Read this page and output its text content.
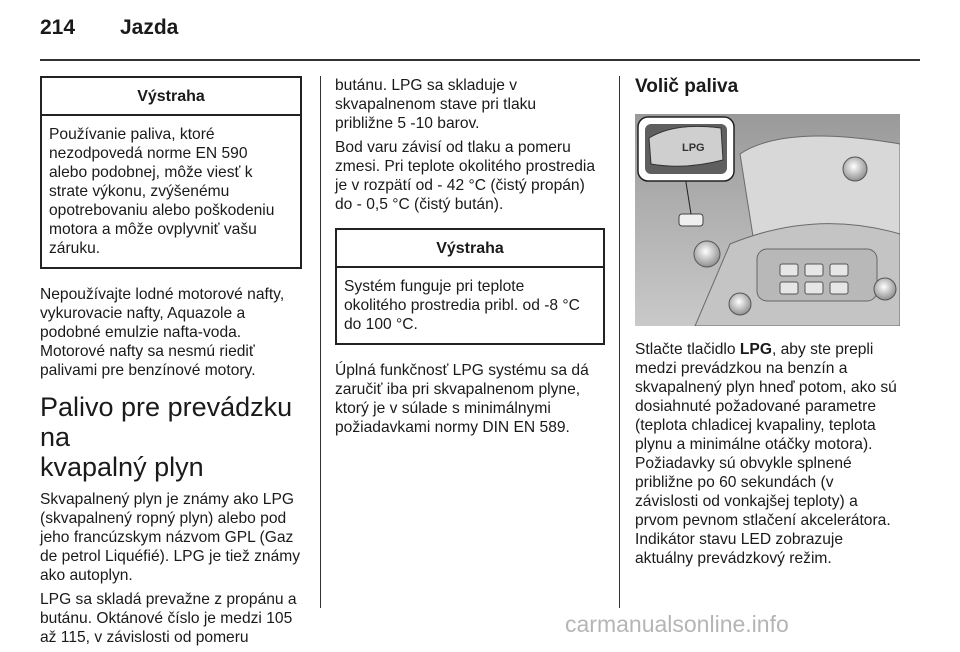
214 Jazda
Výstraha
Používanie paliva, ktoré
nezodpovedá norme EN 590
alebo podobnej, môže viesť k
strate výkonu, zvýšenému
opotrebovaniu alebo poškodeniu
motora a môže ovplyvniť vašu
záruku.
Nepoužívajte lodné motorové nafty,
vykurovacie nafty, Aquazole a
podobné emulzie nafta-voda.
Motorové nafty sa nesmú riediť
palivami pre benzínové motory.
Palivo pre prevádzku na
kvapalný plyn
Skvapalnený plyn je známy ako LPG
(skvapalnený ropný plyn) alebo pod
jeho francúzskym názvom GPL (Gaz
de petrol Liquéfié). LPG je tiež známy
ako autoplyn.
LPG sa skladá prevažne z propánu a
butánu. Oktánové číslo je medzi 105
až 115, v závislosti od pomeru
butánu. LPG sa skladuje v
skvapalnenom stave pri tlaku
približne 5 -10 barov.
Bod varu závisí od tlaku a pomeru
zmesi. Pri teplote okolitého prostredia
je v rozpätí od - 42 °C (čistý propán)
do - 0,5 °C (čistý bután).
Výstraha
Systém funguje pri teplote
okolitého prostredia pribl. od -8 °C
do 100 °C.
Úplná funkčnosť LPG systému sa dá
zaručiť iba pri skvapalnenom plyne,
ktorý je v súlade s minimálnymi
požiadavkami normy DIN EN 589.
Volič paliva
LPG
Stlačte tlačidlo LPG, aby ste prepli
medzi prevádzkou na benzín a
skvapalnený plyn hneď potom, ako sú
dosiahnuté požadované parametre
(teplota chladicej kvapaliny, teplota
plynu a minimálne otáčky motora).
Požiadavky sú obvykle splnené
približne po 60 sekundách (v
závislosti od vonkajšej teploty) a
prvom pevnom stlačení akcelerátora.
Indikátor stavu LED zobrazuje
aktuálny prevádzkový režim.
carmanualsonline.info
